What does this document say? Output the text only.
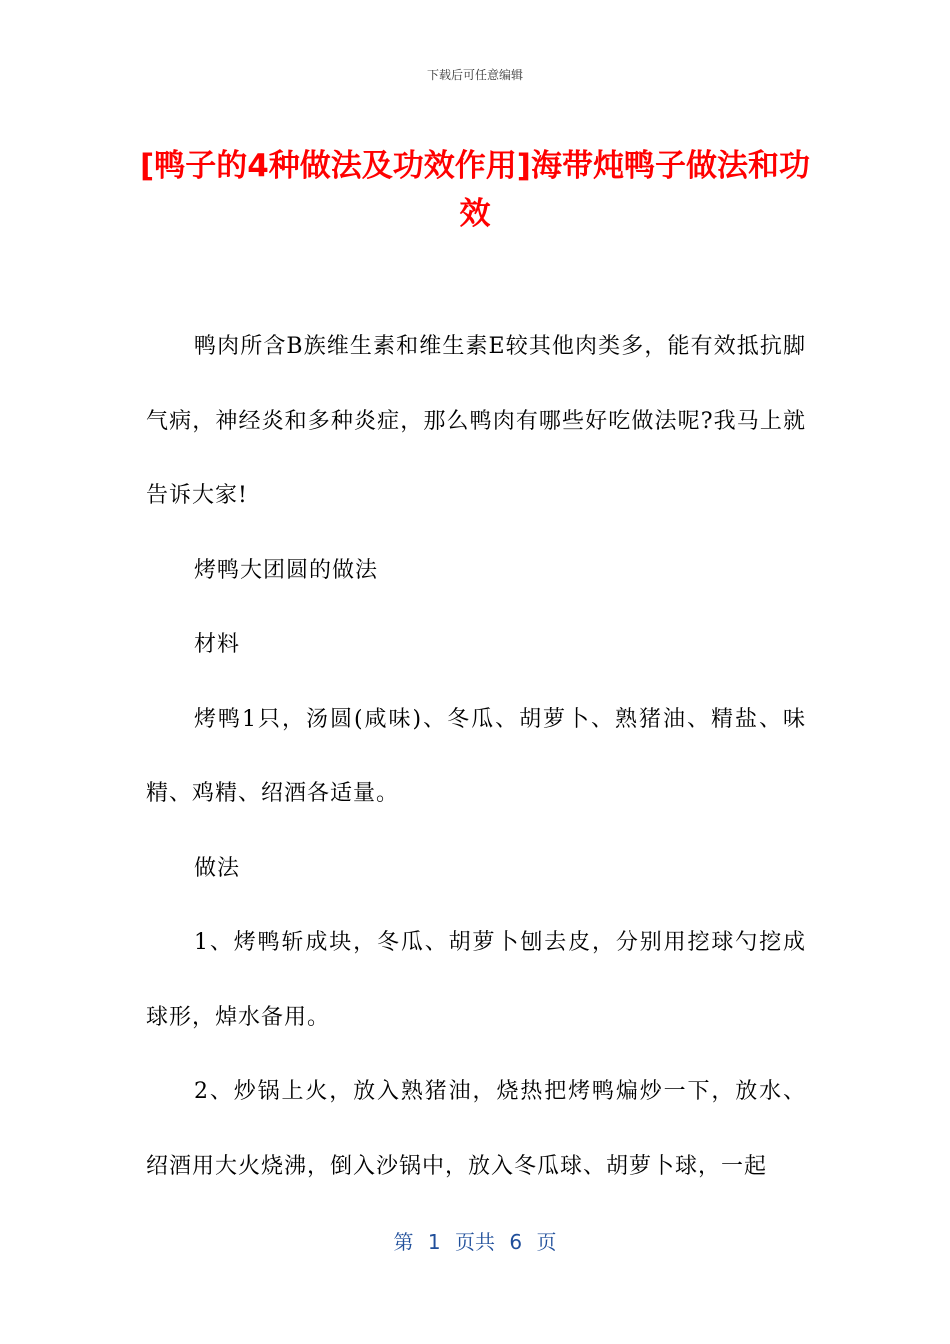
下载后可任意编辑
[鸭子的4种做法及功效作用]海带炖鸭子做法和功效

鸭肉所含B族维生素和维生素E较其他肉类多，能有效抵抗脚气病，神经炎和多种炎症，那么鸭肉有哪些好吃做法呢?我马上就告诉大家!

烤鸭大团圆的做法

材料

烤鸭1只，汤圆(咸味)、冬瓜、胡萝卜、熟猪油、精盐、味精、鸡精、绍酒各适量。

做法

1、烤鸭斩成块，冬瓜、胡萝卜刨去皮，分别用挖球勺挖成球形，焯水备用。

2、炒锅上火，放入熟猪油，烧热把烤鸭煸炒一下，放水、绍酒用大火烧沸，倒入沙锅中，放入冬瓜球、胡萝卜球，一起

第 1 页共 6 页
